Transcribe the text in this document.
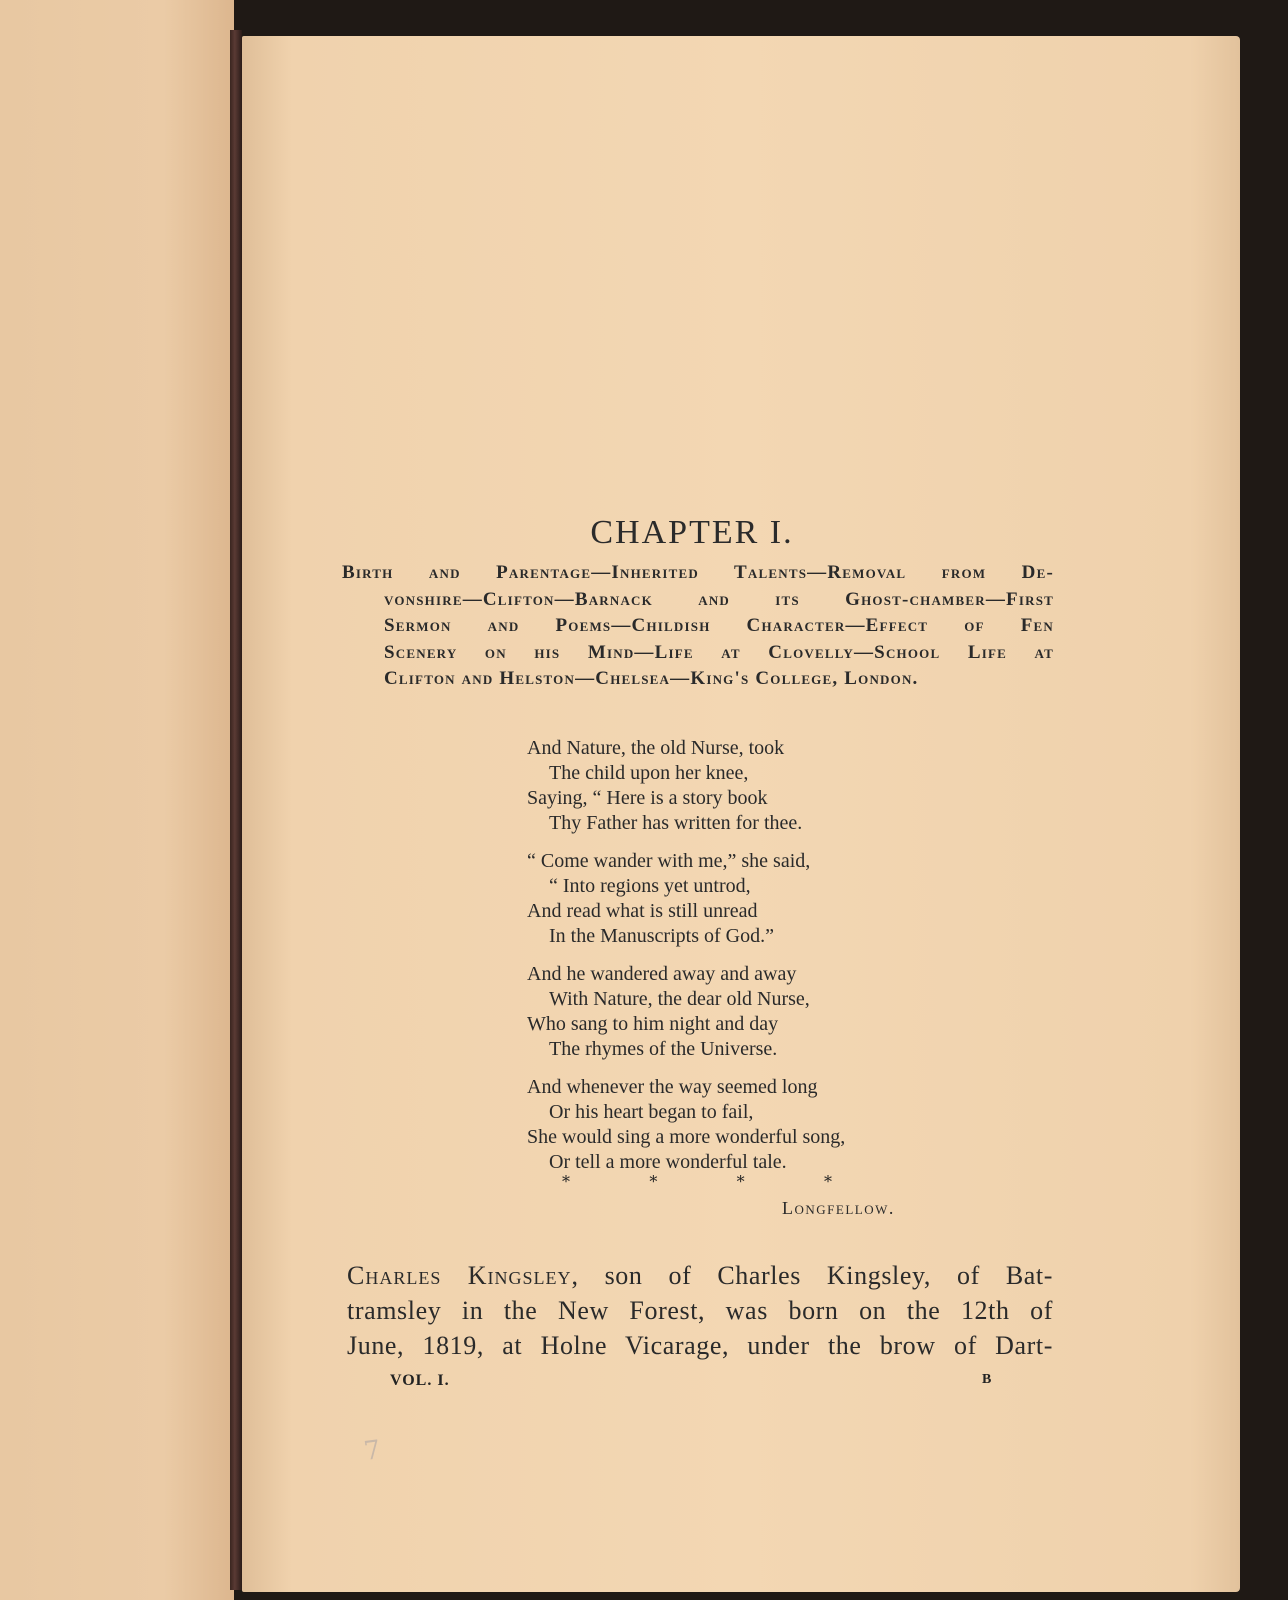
CHAPTER I.
Birth and Parentage—Inherited Talents—Removal from De-
vonshire—Clifton—Barnack and its Ghost-chamber—First
Sermon and Poems—Childish Character—Effect of Fen
Scenery on his Mind—Life at Clovelly—School Life at
Clifton and Helston—Chelsea—King's College, London.
And Nature, the old Nurse, took
The child upon her knee,
Saying, “ Here is a story book
Thy Father has written for thee.
“ Come wander with me,” she said,
“ Into regions yet untrod,
And read what is still unread
In the Manuscripts of God.”
And he wandered away and away
With Nature, the dear old Nurse,
Who sang to him night and day
The rhymes of the Universe.
And whenever the way seemed long
Or his heart began to fail,
She would sing a more wonderful song,
Or tell a more wonderful tale.
*	*	*	*
Longfellow.
Charles Kingsley, son of Charles Kingsley, of Bat-
tramsley in the New Forest, was born on the 12th of
June, 1819, at Holne Vicarage, under the brow of Dart-
VOL. I.	B
7
